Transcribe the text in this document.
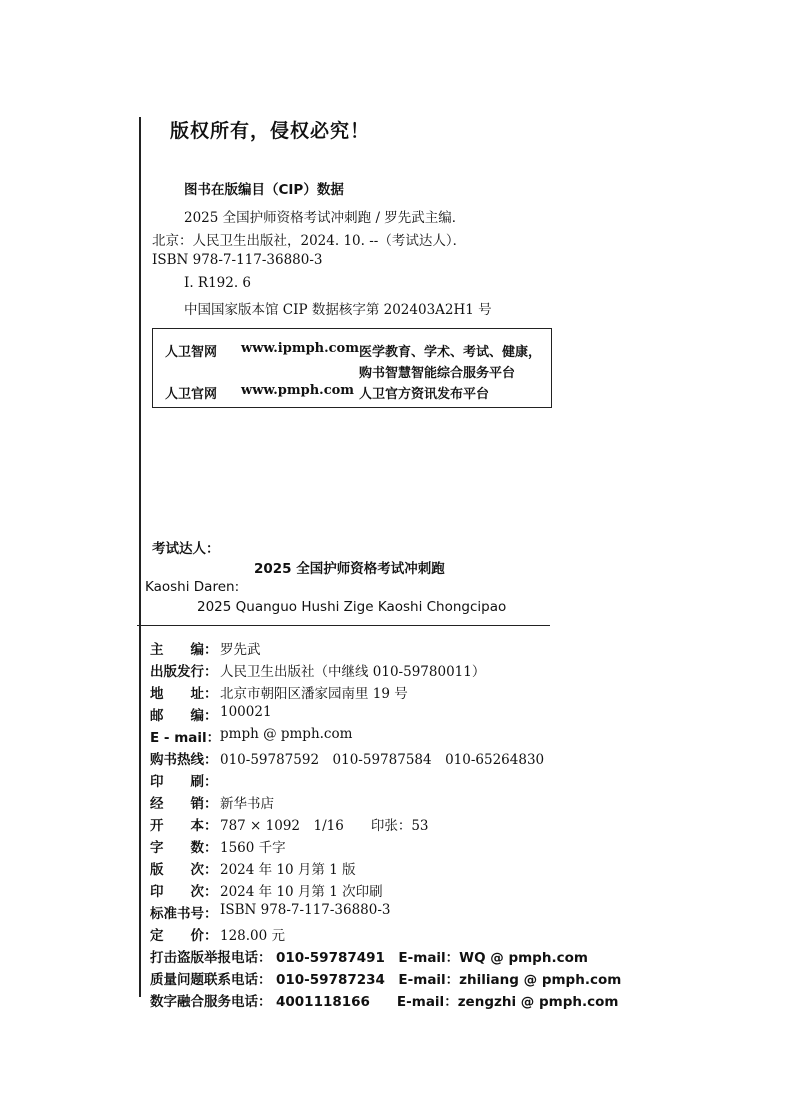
版权所有，侵权必究！
图书在版编目（CIP）数据
2025 全国护师资格考试冲刺跑 / 罗先武主编．
北京：人民卫生出版社，2024. 10. --（考试达人）．
ISBN 978-7-117-36880-3
Ⅰ. R192. 6
中国国家版本馆 CIP 数据核字第 202403A2H1 号
人卫智网 www.ipmph.com 医学教育、学术、考试、健康，
购书智慧智能综合服务平台
人卫官网 www.pmph.com 人卫官方资讯发布平台
考试达人：
2025 全国护师资格考试冲刺跑
Kaoshi Daren:
2025 Quanguo Hushi Zige Kaoshi Chongcipao
主　　编： 罗先武
出版发行： 人民卫生出版社（中继线 010-59780011）
地　　址： 北京市朝阳区潘家园南里 19 号
邮　　编： 100021
E - mail： pmph @ pmph.com
购书热线： 010-59787592　010-59787584　010-65264830
印　　刷：
经　　销： 新华书店
开　　本： 787 × 1092　1/16　　印张：53
字　　数： 1560 千字
版　　次： 2024 年 10 月第 1 版
印　　次： 2024 年 10 月第 1 次印刷
标准书号： ISBN 978-7-117-36880-3
定　　价： 128.00 元
打击盗版举报电话： 010-59787491　E-mail：WQ @ pmph.com
质量问题联系电话： 010-59787234　E-mail：zhiliang @ pmph.com
数字融合服务电话： 4001118166　　E-mail：zengzhi @ pmph.com
